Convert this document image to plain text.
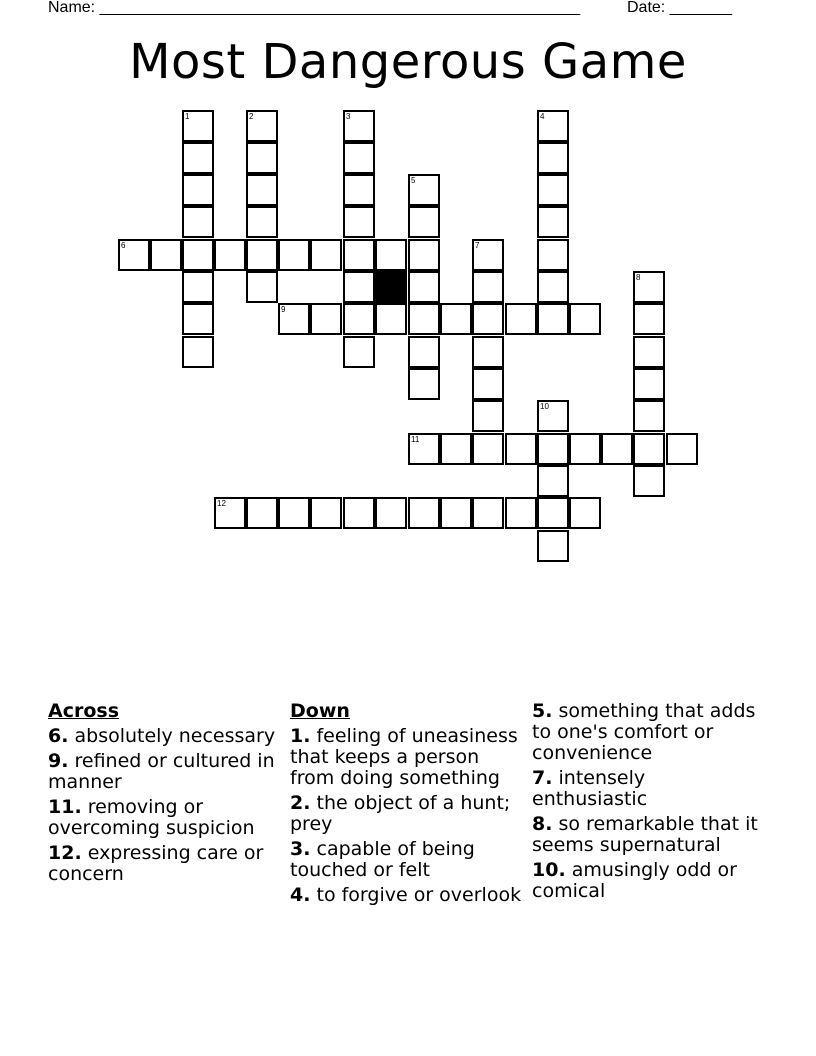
Name: ______________________________________________________	Date: _______
Most Dangerous Game
6
1	2	3	4
5
7
8
9
10
11
12
Across
6. absolutely necessary
9. refined or cultured in manner
11. removing or overcoming suspicion
12. expressing care or concern
Down
1. feeling of uneasiness that keeps a person from doing something
2. the object of a hunt; prey
3. capable of being touched or felt
4. to forgive or overlook
5. something that adds to one's comfort or convenience
7. intensely enthusiastic
8. so remarkable that it seems supernatural
10. amusingly odd or comical
